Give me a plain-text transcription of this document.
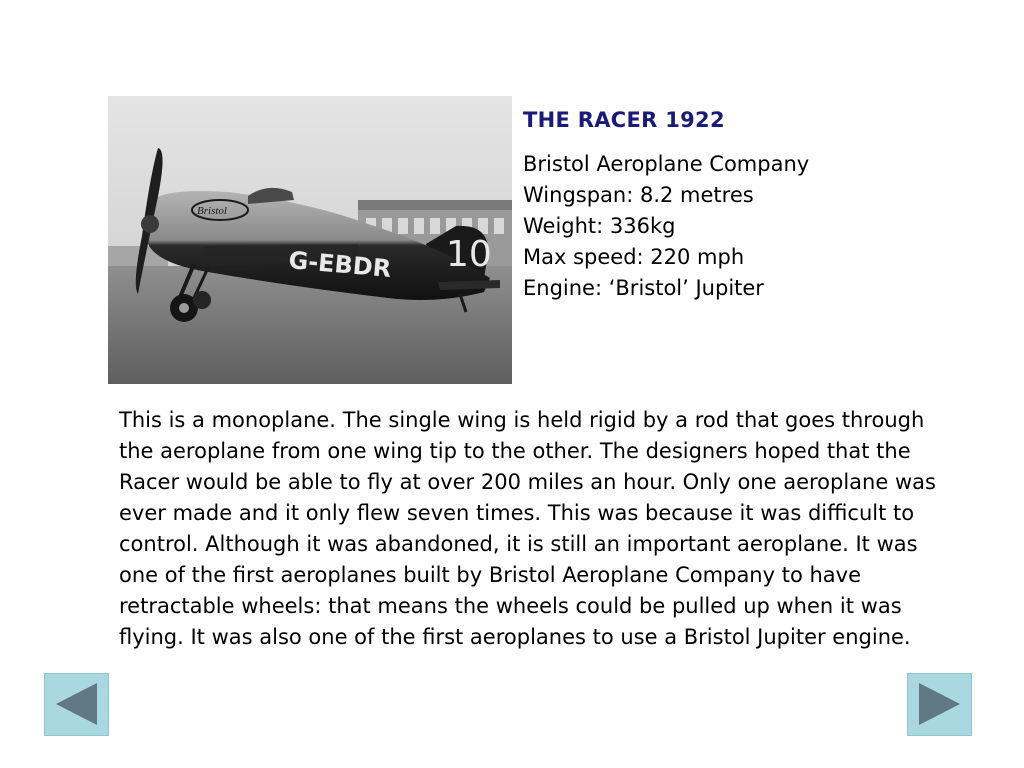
Bristol
G-EBDR 10
THE RACER 1922
Bristol Aeroplane Company
Wingspan: 8.2 metres
Weight: 336kg
Max speed: 220 mph
Engine: ‘Bristol’ Jupiter
This is a monoplane. The single wing is held rigid by a rod that goes through the aeroplane from one wing tip to the other. The designers hoped that the Racer would be able to fly at over 200 miles an hour. Only one aeroplane was ever made and it only flew seven times. This was because it was difficult to control. Although it was abandoned, it is still an important aeroplane. It was one of the first aeroplanes built by Bristol Aeroplane Company to have retractable wheels: that means the wheels could be pulled up when it was flying. It was also one of the first aeroplanes to use a Bristol Jupiter engine.
